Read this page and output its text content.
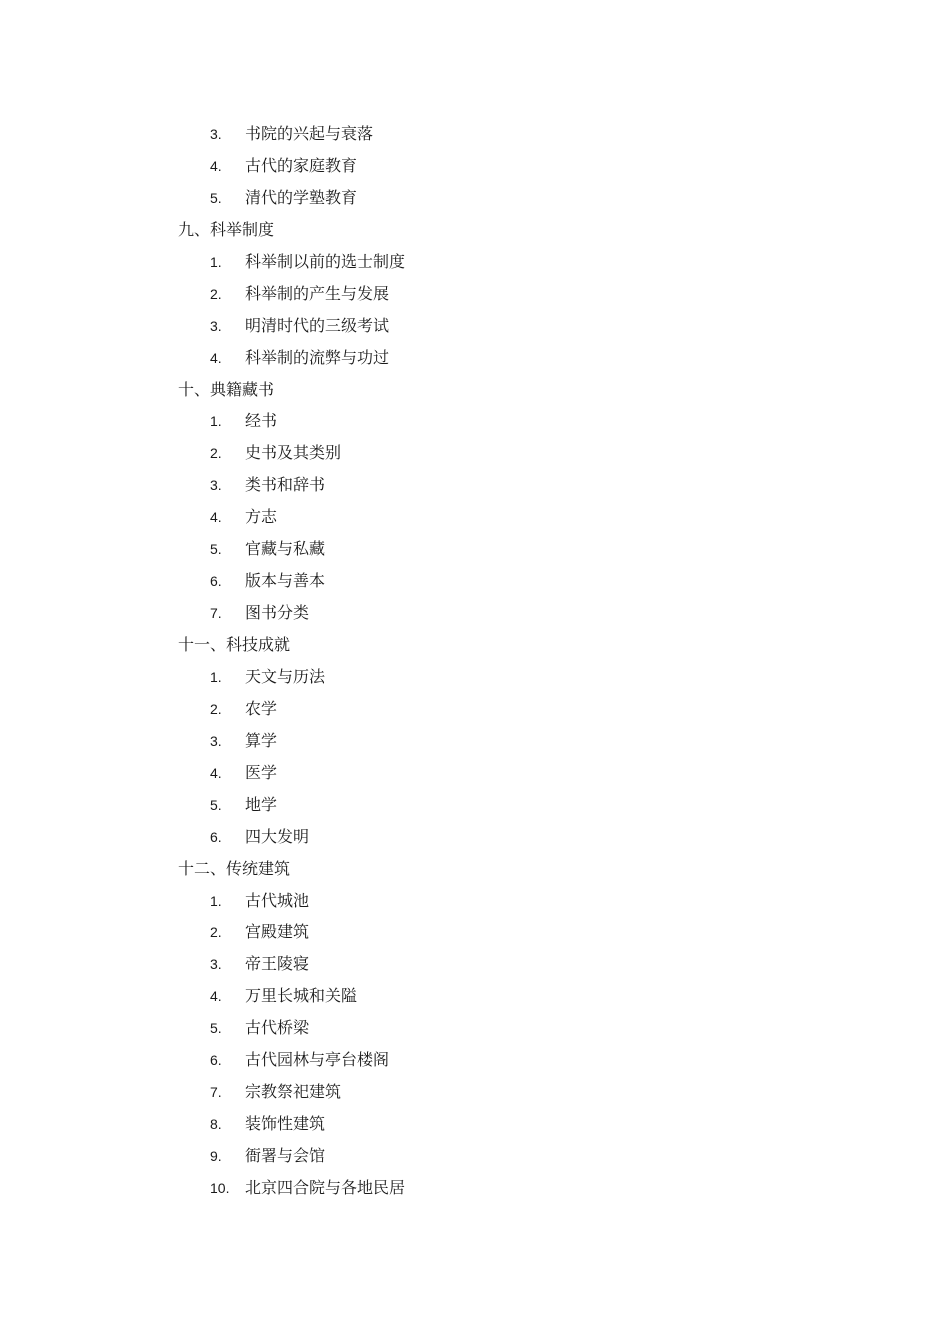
3. 书院的兴起与衰落
4. 古代的家庭教育
5. 清代的学塾教育
九、科举制度
1. 科举制以前的选士制度
2. 科举制的产生与发展
3. 明清时代的三级考试
4. 科举制的流弊与功过
十、典籍藏书
1. 经书
2. 史书及其类别
3. 类书和辞书
4. 方志
5. 官藏与私藏
6. 版本与善本
7. 图书分类
十一、科技成就
1. 天文与历法
2. 农学
3. 算学
4. 医学
5. 地学
6. 四大发明
十二、传统建筑
1. 古代城池
2. 宫殿建筑
3. 帝王陵寝
4. 万里长城和关隘
5. 古代桥梁
6. 古代园林与亭台楼阁
7. 宗教祭祀建筑
8. 装饰性建筑
9. 衙署与会馆
10. 北京四合院与各地民居
